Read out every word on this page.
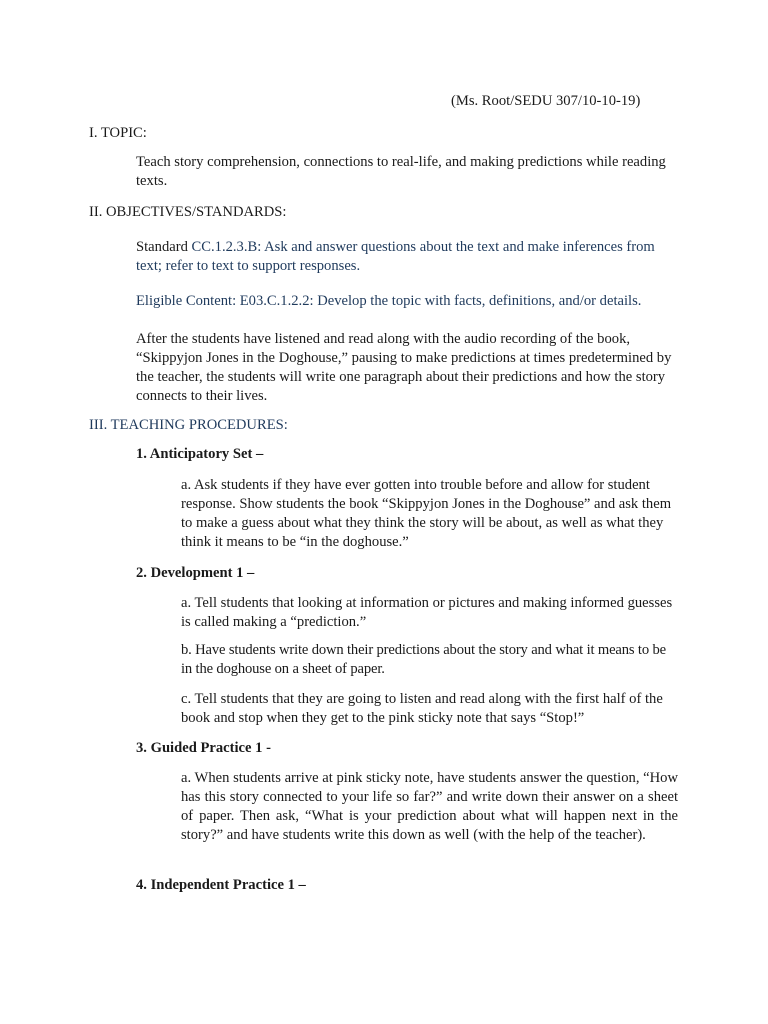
(Ms. Root/SEDU 307/10-10-19)
I. TOPIC:

Teach story comprehension, connections to real-life, and making predictions while reading texts.

II. OBJECTIVES/STANDARDS:

Standard CC.1.2.3.B: Ask and answer questions about the text and make inferences from text; refer to text to support responses.

Eligible Content: E03.C.1.2.2: Develop the topic with facts, definitions, and/or details.

After the students have listened and read along with the audio recording of the book, “Skippyjon Jones in the Doghouse,” pausing to make predictions at times predetermined by the teacher, the students will write one paragraph about their predictions and how the story connects to their lives.

III. TEACHING PROCEDURES:
1. Anticipatory Set –
a. Ask students if they have ever gotten into trouble before and allow for student response. Show students the book “Skippyjon Jones in the Doghouse” and ask them to make a guess about what they think the story will be about, as well as what they think it means to be “in the doghouse.”
2. Development 1 –
a. Tell students that looking at information or pictures and making informed guesses is called making a “prediction.”
b. Have students write down their predictions about the story and what it means to be in the doghouse on a sheet of paper.
c. Tell students that they are going to listen and read along with the first half of the book and stop when they get to the pink sticky note that says “Stop!”
3. Guided Practice 1 -
a. When students arrive at pink sticky note, have students answer the question, “How has this story connected to your life so far?” and write down their answer on a sheet of paper. Then ask, “What is your prediction about what will happen next in the story?” and have students write this down as well (with the help of the teacher).
4. Independent Practice 1 –
